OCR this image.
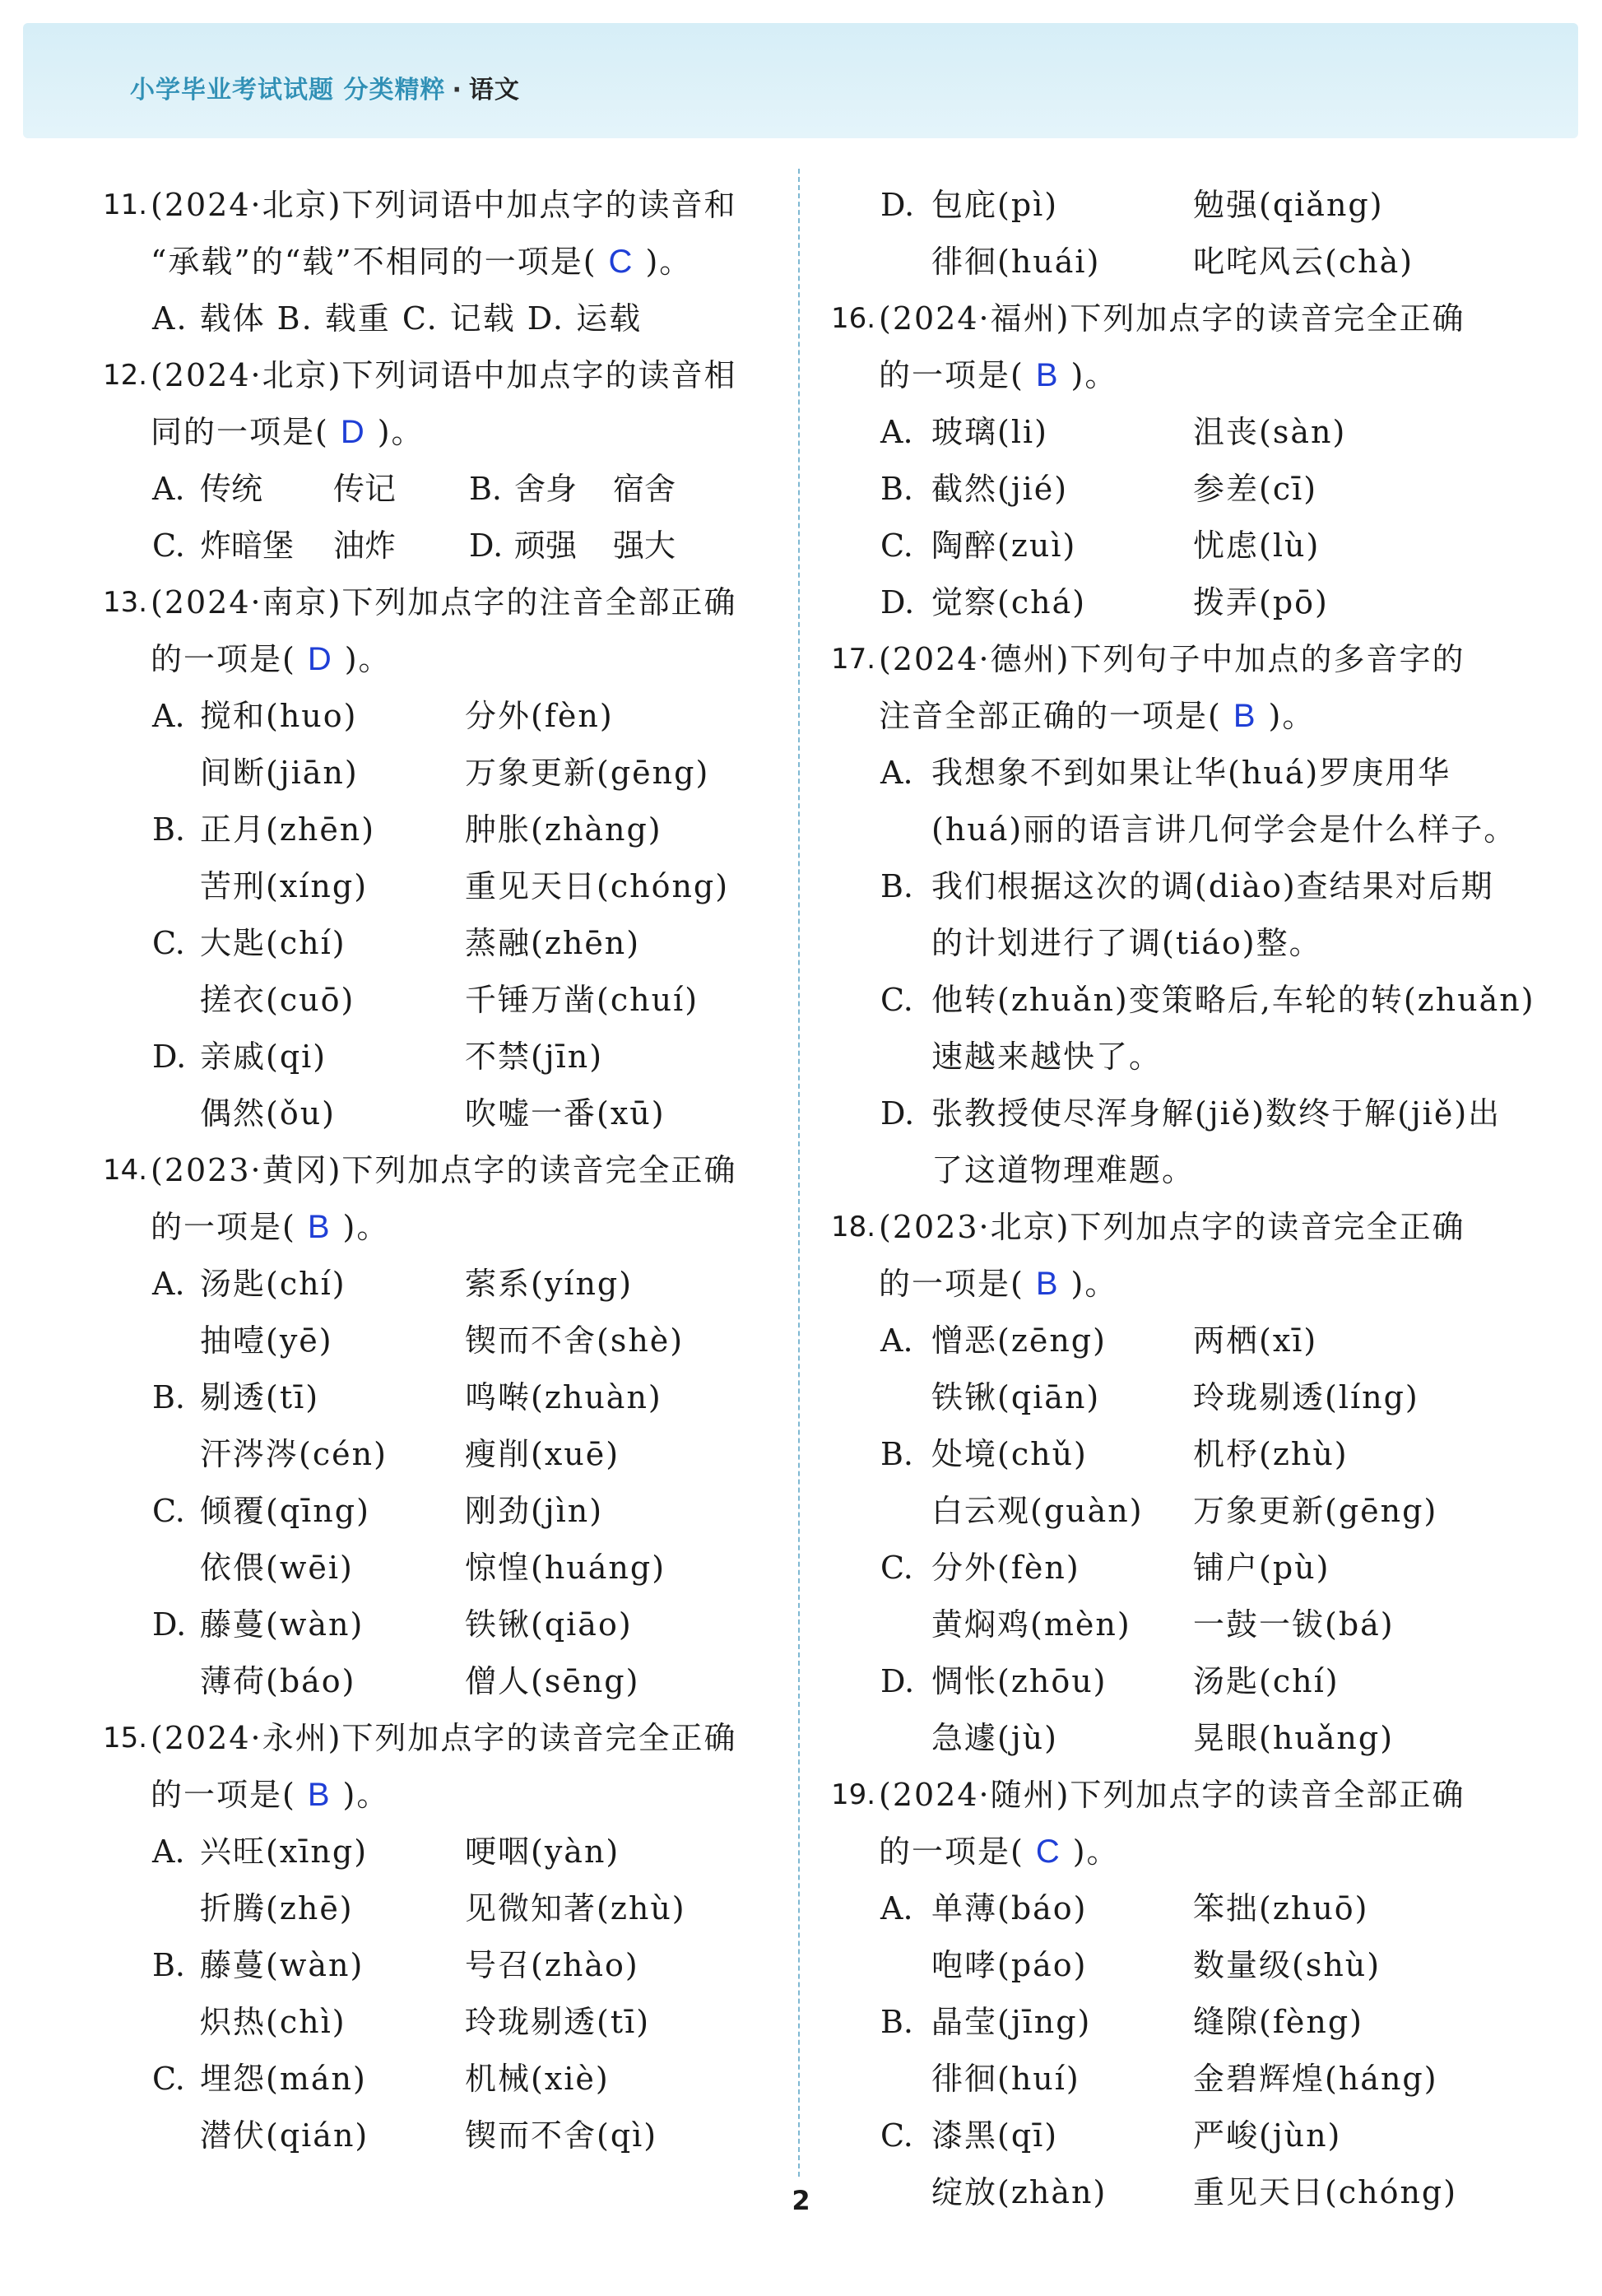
小学毕业考试试题 分类精粹 · 语文
11. (2024·北京)下列词语中加点字的读音和
“承载”的“载”不相同的一项是( C )。
A. 载体 B. 载重 C. 记载 D. 运载
12. (2024·北京)下列词语中加点字的读音相
同的一项是( D )。
A. 传统 传记 B. 舍身 宿舍
C. 炸暗堡 油炸 D. 顽强 强大
13. (2024·南京)下列加点字的注音全部正确
的一项是( D )。
A. 搅和(huo)	分外(fèn)
间断(jiān)	万象更新(gēng)
B. 正月(zhēn)	肿胀(zhàng)
苦刑(xíng)	重见天日(chóng)
C. 大匙(chí)	蒸融(zhēn)
搓衣(cuō)	千锤万凿(chuí)
D. 亲戚(qi)	不禁(jīn)
偶然(ǒu)	吹嘘一番(xū)
14. (2023·黄冈)下列加点字的读音完全正确
的一项是( B )。
A. 汤匙(chí)	萦系(yíng)
抽噎(yē)	锲而不舍(shè)
B. 剔透(tī)	鸣啭(zhuàn)
汗涔涔(cén) 瘦削(xuē)
C. 倾覆(qīng)	刚劲(jìn)
依偎(wēi)	惊惶(huáng)
D. 藤蔓(wàn)	铁锹(qiāo)
薄荷(báo)	僧人(sēng)
15. (2024·永州)下列加点字的读音完全正确
的一项是( B )。
A. 兴旺(xīng)	哽咽(yàn)
折腾(zhē)	见微知著(zhù)
B. 藤蔓(wàn)	号召(zhào)
炽热(chì)	玲珑剔透(tī)
C. 埋怨(mán)	机械(xiè)
潜伏(qián)	锲而不舍(qì)
D. 包庇(pì)	勉强(qiǎng)
徘徊(huái)	叱咤风云(chà)
16. (2024·福州)下列加点字的读音完全正确
的一项是( B )。
A. 玻璃(li)	沮丧(sàn)
B. 截然(jié)	参差(cī)
C. 陶醉(zuì)	忧虑(lù)
D. 觉察(chá)	拨弄(pō)
17. (2024·德州)下列句子中加点的多音字的
注音全部正确的一项是( B )。
A. 我想象不到如果让华(huá)罗庚用华
(huá)丽的语言讲几何学会是什么样子。
B. 我们根据这次的调(diào)查结果对后期
的计划进行了调(tiáo)整。
C. 他转(zhuǎn)变策略后,车轮的转(zhuǎn)
速越来越快了。
D. 张教授使尽浑身解(jiě)数终于解(jiě)出
了这道物理难题。
18. (2023·北京)下列加点字的读音完全正确
的一项是( B )。
A. 憎恶(zēng)	两栖(xī)
铁锹(qiān)	玲珑剔透(líng)
B. 处境(chǔ)	机杼(zhù)
白云观(guàn) 万象更新(gēng)
C. 分外(fèn)	铺户(pù)
黄焖鸡(mèn) 一鼓一钹(bá)
D. 惆怅(zhōu)	汤匙(chí)
急遽(jù)	晃眼(huǎng)
19. (2024·随州)下列加点字的读音全部正确
的一项是( C )。
A. 单薄(báo)	笨拙(zhuō)
咆哮(páo)	数量级(shù)
B. 晶莹(jīng)	缝隙(fèng)
徘徊(huí)	金碧辉煌(háng)
C. 漆黑(qī)	严峻(jùn)
绽放(zhàn)	重见天日(chóng)
2
